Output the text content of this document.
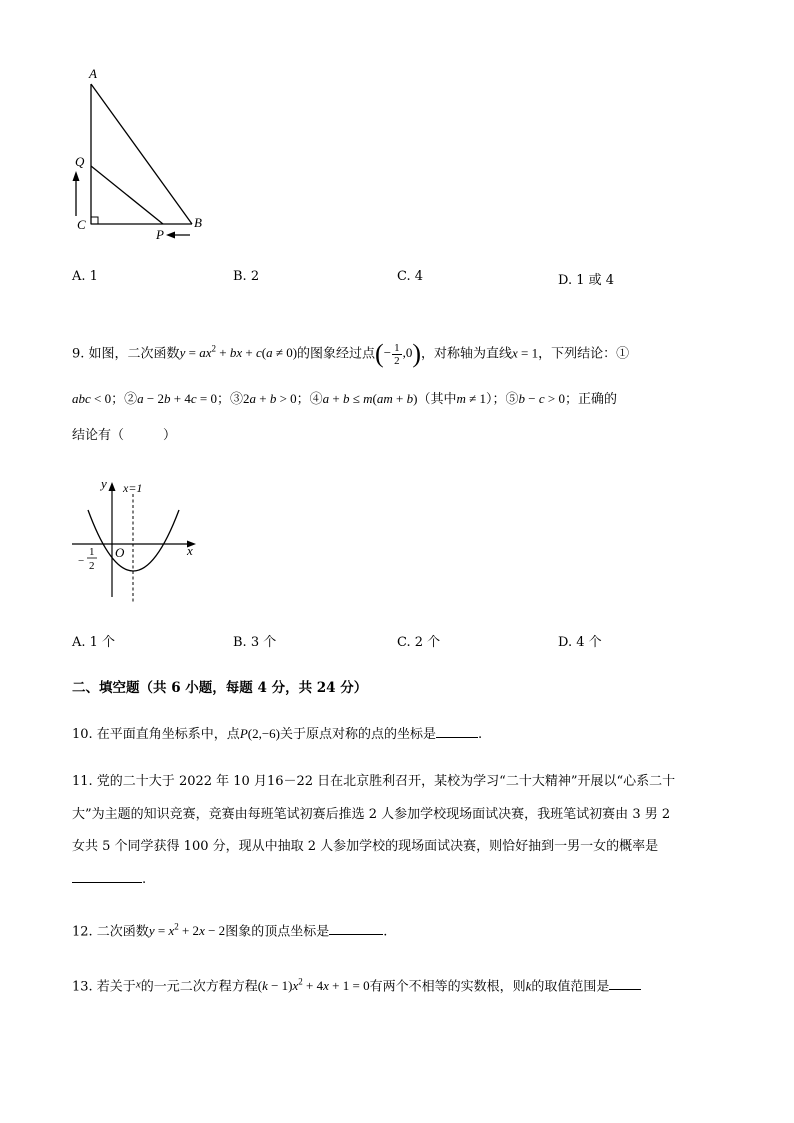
A
Q
C
P
B
A. 1	B. 2	C. 4	D. 1 或 4
9. 如图，二次函数$y = ax^2$ + bx + c(a ≠ 0)的图象经过点(− $\frac{1}{2} ,0$)，对称轴为直线x = 1，下列结论：①
abc < 0；②a − 2b + 4c = 0；③2a + b > 0；④a + b ≤ m(am + b)（其中m ≠ 1）；⑤b − c > 0；正确的
结论有（　　　）
y
x
x=1
O
−
1
2
A. 1 个	B. 3 个	C. 2 个	D. 4 个
二、填空题（共 6 小题，每题 4 分，共 24 分）
10. 在平面直角坐标系中，点P(2,−6)关于原点对称的点的坐标是	.
11. 党的二十大于 2022 年 10 月16－22 日在北京胜利召开，某校为学习“二十大精神”开展以“心系二十
大”为主题的知识竞赛，竞赛由每班笔试初赛后推选 2 人参加学校现场面试决赛，我班笔试初赛由 3 男 2
女共 5 个同学获得 100 分，现从中抽取 2 人参加学校的现场面试决赛，则恰好抽到一男一女的概率是
.
12. 二次函数$y = x^2 + 2x - 2$图象的顶点坐标是	.
13. 若关于$^x$的一元二次方程方程$(k - 1)x^2 + 4x + 1 = 0$有两个不相等的实数根，则k的取值范围是
